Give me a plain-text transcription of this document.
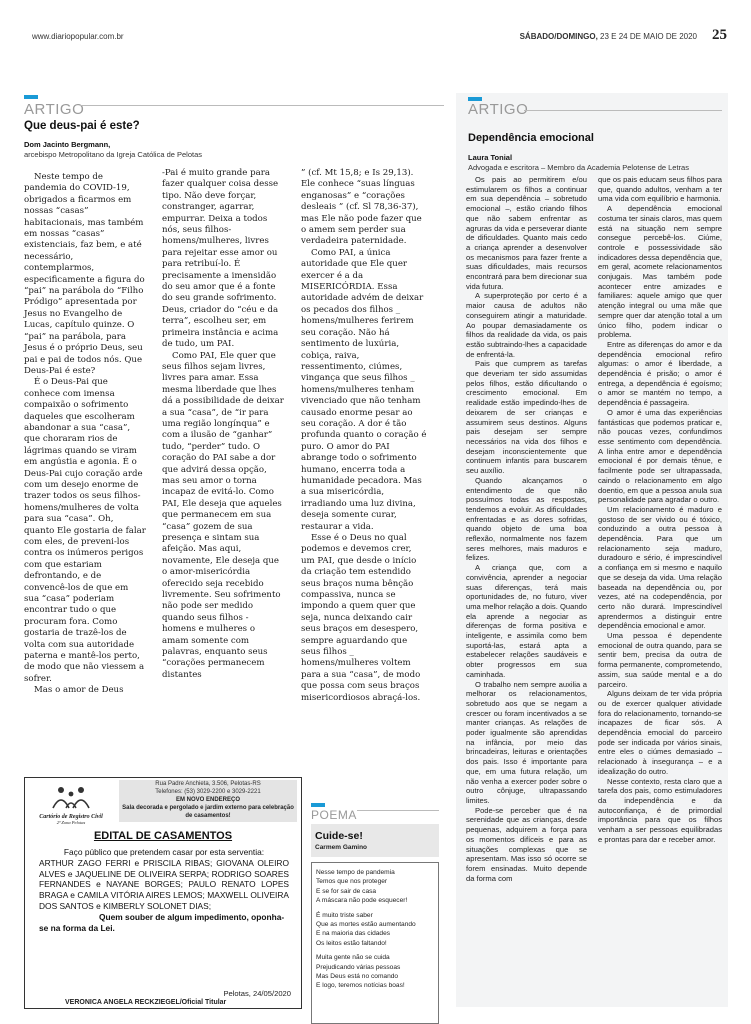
www.diariopopular.com.br	SÁBADO/DOMINGO, 23 E 24 DE MAIO DE 2020 25
ARTIGO
Que deus-pai é este?
Dom Jacinto Bergmann,
arcebispo Metropolitano da Igreja Católica de Pelotas

Neste tempo de pandemia do COVID-19, obrigados a ficarmos em nossas “casas” habitacionais, mas também em nossas “casas” existenciais, faz bem, e até necessário, contemplarmos, especificamente a figura do “pai” na parábola do “Filho Pródigo” apresentada por Jesus no Evangelho de Lucas, capítulo quinze. O “pai” na parábola, para Jesus é o próprio Deus, seu pai e pai de todos nós. Que Deus-Pai é este?

É o Deus-Pai que conhece com imensa compaixão o sofrimento daqueles que escolheram abandonar a sua “casa”, que choraram rios de lágrimas quando se viram em angústia e agonia. É o Deus-Pai cujo coração arde com um desejo enorme de trazer todos os seus filhos-homens/mulheres de volta para sua “casa”. Oh, quanto Ele gostaria de falar com eles, de preveni-los contra os inúmeros perigos com que estariam defrontando, e de convencê-los de que em sua “casa” poderiam encontrar tudo o que procuram fora. Como gostaria de trazê-los de volta com sua autoridade paterna e mantê-los perto, de modo que não viessem a sofrer.

Mas o amor de Deus

-Pai é muito grande para fazer qualquer coisa desse tipo. Não deve forçar, constranger, agarrar, empurrar. Deixa a todos nós, seus filhos-homens/mulheres, livres para rejeitar esse amor ou para retribuí-lo. É precisamente a imensidão do seu amor que é a fonte do seu grande sofrimento. Deus, criador do “céu e da terra”, escolheu ser, em primeira instância e acima de tudo, um PAI.

Como PAI, Ele quer que seus filhos sejam livres, livres para amar. Essa mesma liberdade que lhes dá a possibilidade de deixar a sua “casa”, de “ir para uma região longínqua” e com a ilusão de “ganhar” tudo, “perder” tudo. O coração do PAI sabe a dor que advirá dessa opção, mas seu amor o torna incapaz de evitá-lo. Como PAI, Ele deseja que aqueles que permanecem em sua “casa” gozem de sua presença e sintam sua afeição. Mas aqui, novamente, Ele deseja que o amor-misericórdia oferecido seja recebido livremente. Seu sofrimento não pode ser medido quando seus filhos - homens e mulheres o amam somente com palavras, enquanto seus “corações permanecem distantes

” (cf. Mt 15,8; e Is 29,13). Ele conhece “suas línguas enganosas” e “corações desleais ” (cf. Sl 78,36-37), mas Ele não pode fazer que o amem sem perder sua verdadeira paternidade.

Como PAI, a única autoridade que Ele quer exercer é a da MISERICÓRDIA. Essa autoridade advém de deixar os pecados dos filhos _ homens/mulheres ferirem seu coração. Não há sentimento de luxúria, cobiça, raiva, ressentimento, ciúmes, vingança que seus filhos _ homens/mulheres tenham vivenciado que não tenham causado enorme pesar ao seu coração. A dor é tão profunda quanto o coração é puro. O amor do PAI abrange todo o sofrimento humano, encerra toda a humanidade pecadora. Mas a sua misericórdia, irradiando uma luz divina, deseja somente curar, restaurar a vida.

Esse é o Deus no qual podemos e devemos crer, um PAI, que desde o início da criação tem estendido seus braços numa bênção compassiva, nunca se impondo a quem quer que seja, nunca deixando cair seus braços em desespero, sempre aguardando que seus filhos _ homens/mulheres voltem para a sua “casa”, de modo que possa com seus braços misericordiosos abraçá-los.

ARTIGO
Dependência emocional
Laura Tonial
Advogada e escritora – Membro da Academia Pelotense de Letras

Os pais ao permitirem e/ou estimularem os filhos a continuar em sua dependência – sobretudo emocional –, estão criando filhos que não sabem enfrentar as agruras da vida e perseverar diante de dificuldades. Quanto mais cedo a criança aprender a desenvolver os mecanismos para fazer frente a suas dificuldades, mais recursos encontrará para bem direcionar sua vida futura.

A superproteção por certo é a maior causa de adultos não conseguirem atingir a maturidade. Ao poupar demasiadamente os filhos da realidade da vida, os pais estão subtraindo-lhes a capacidade de enfrentá-la.

Pais que cumprem as tarefas que deveriam ter sido assumidas pelos filhos, estão dificultando o crescimento emocional. Em realidade estão impedindo-lhes de deixarem de ser crianças e assumirem seus destinos. Alguns pais desejam ser sempre necessários na vida dos filhos e desejam inconscientemente que continuem infantis para buscarem seu auxílio.

Quando alcançamos o entendimento de que não possuímos todas as respostas, tendemos a evoluir. As dificuldades enfrentadas e as dores sofridas, quando objeto de uma boa reflexão, normalmente nos fazem seres melhores, mais maduros e felizes.

A criança que, com a convivência, aprender a negociar suas diferenças, terá mais oportunidades de, no futuro, viver uma melhor relação a dois. Quando ela aprende a negociar as diferenças de forma positiva e inteligente, e assimila como bem suportá-las, estará apta a estabelecer relações saudáveis e obter progressos em sua caminhada.

O trabalho nem sempre auxilia a melhorar os relacionamentos, sobretudo aos que se negam a crescer ou foram incentivados a se manter crianças. As relações de poder igualmente são aprendidas na infância, por meio das brincadeiras, leituras e orientações dos pais. Isso é importante para que, em uma futura relação, um não venha a exercer poder sobre o outro cônjuge, ultrapassando limites.

Pode-se perceber que é na serenidade que as crianças, desde pequenas, adquirem a força para os momentos difíceis e para as situações complexas que se apresentam. Mas isso só ocorre se forem ensinadas. Muito depende da forma com

que os pais educam seus filhos para que, quando adultos, venham a ter uma vida com equilíbrio e harmonia.

A dependência emocional costuma ter sinais claros, mas quem está na situação nem sempre consegue percebê-los. Ciúme, controle e possessividade são indicadores dessa dependência que, em geral, acomete relacionamentos conjugais. Mas também pode acontecer entre amizades e familiares: aquele amigo que quer atenção integral ou uma mãe que sempre quer dar atenção total a um único filho, podem indicar o problema.

Entre as diferenças do amor e da dependência emocional refiro algumas: o amor é liberdade, a dependência é prisão; o amor é entrega, a dependência é egoísmo; o amor se mantém no tempo, a dependência é passageira.

O amor é uma das experiências fantásticas que podemos praticar e, não poucas vezes, confundimos esse sentimento com dependência. A linha entre amor e dependência emocional é por demais tênue, e facilmente pode ser ultrapassada, caindo o relacionamento em algo doentio, em que a pessoa anula sua personalidade para agradar o outro.

Um relacionamento é maduro e gostoso de ser vivido ou é tóxico, conduzindo a outra pessoa à dependência. Para que um relacionamento seja maduro, duradouro e sério, é imprescindível a confiança em si mesmo e naquilo que se deseja da vida. Uma relação baseada na dependência ou, por vezes, até na codependência, por certo não durará. Imprescindível aprendermos a distinguir entre dependência emocional e amor.

Uma pessoa é dependente emocional de outra quando, para se sentir bem, precisa da outra de forma permanente, comprometendo, assim, sua saúde mental e a do parceiro.

Alguns deixam de ter vida própria ou de exercer qualquer atividade fora do relacionamento, tornando-se incapazes de ficar sós. A dependência emocial do parceiro pode ser indicada por vários sinais, entre eles o ciúmes demasiado – relacionado à insegurança – e a idealização do outro.

Nesse contexto, resta claro que a tarefa dos pais, como estimuladores da independência e da autoconfiança, é de primordial importância para que os filhos venham a ser pessoas equilibradas e prontas para dar e receber amor.

Cartório de Registro Civil
2ª Zona Pelotas
Rua Padre Anchieta, 3.506, Pelotas-RS
Telefones: (53) 3029-2200 e 3029-2221
EM NOVO ENDEREÇO
Sala decorada e pergolado e jardim externo para celebração de casamentos!
EDITAL DE CASAMENTOS

Faço público que pretendem casar por esta serventia:

ARTHUR ZAGO FERRI e PRISCILA RIBAS; GIOVANA OLEIRO ALVES e JAQUELINE DE OLIVEIRA SERPA; RODRIGO SOARES FERNANDES e NAYANE BORGES; PAULO RENATO LOPES BRAGA e CAMILA VITÓRIA AIRES LEMOS; MAXWELL OLIVEIRA DOS SANTOS e KIMBERLY SOLONET DIAS;

Quem souber de algum impedimento, oponha-se na forma da Lei.

Pelotas, 24/05/2020
VERONICA ANGELA RECKZIEGEL/Oficial Titular
POEMA
Cuide-se!
Carmem Gamino

Nesse tempo de pandemia
Temos que nos proteger
E se for sair de casa
A máscara não pode esquecer!

É muito triste saber
Que as mortes estão aumentando
E na maioria das cidades
Os leitos estão faltando!

Muita gente não se cuida
Prejudicando várias pessoas
Mas Deus está no comando
E logo, teremos notícias boas!
